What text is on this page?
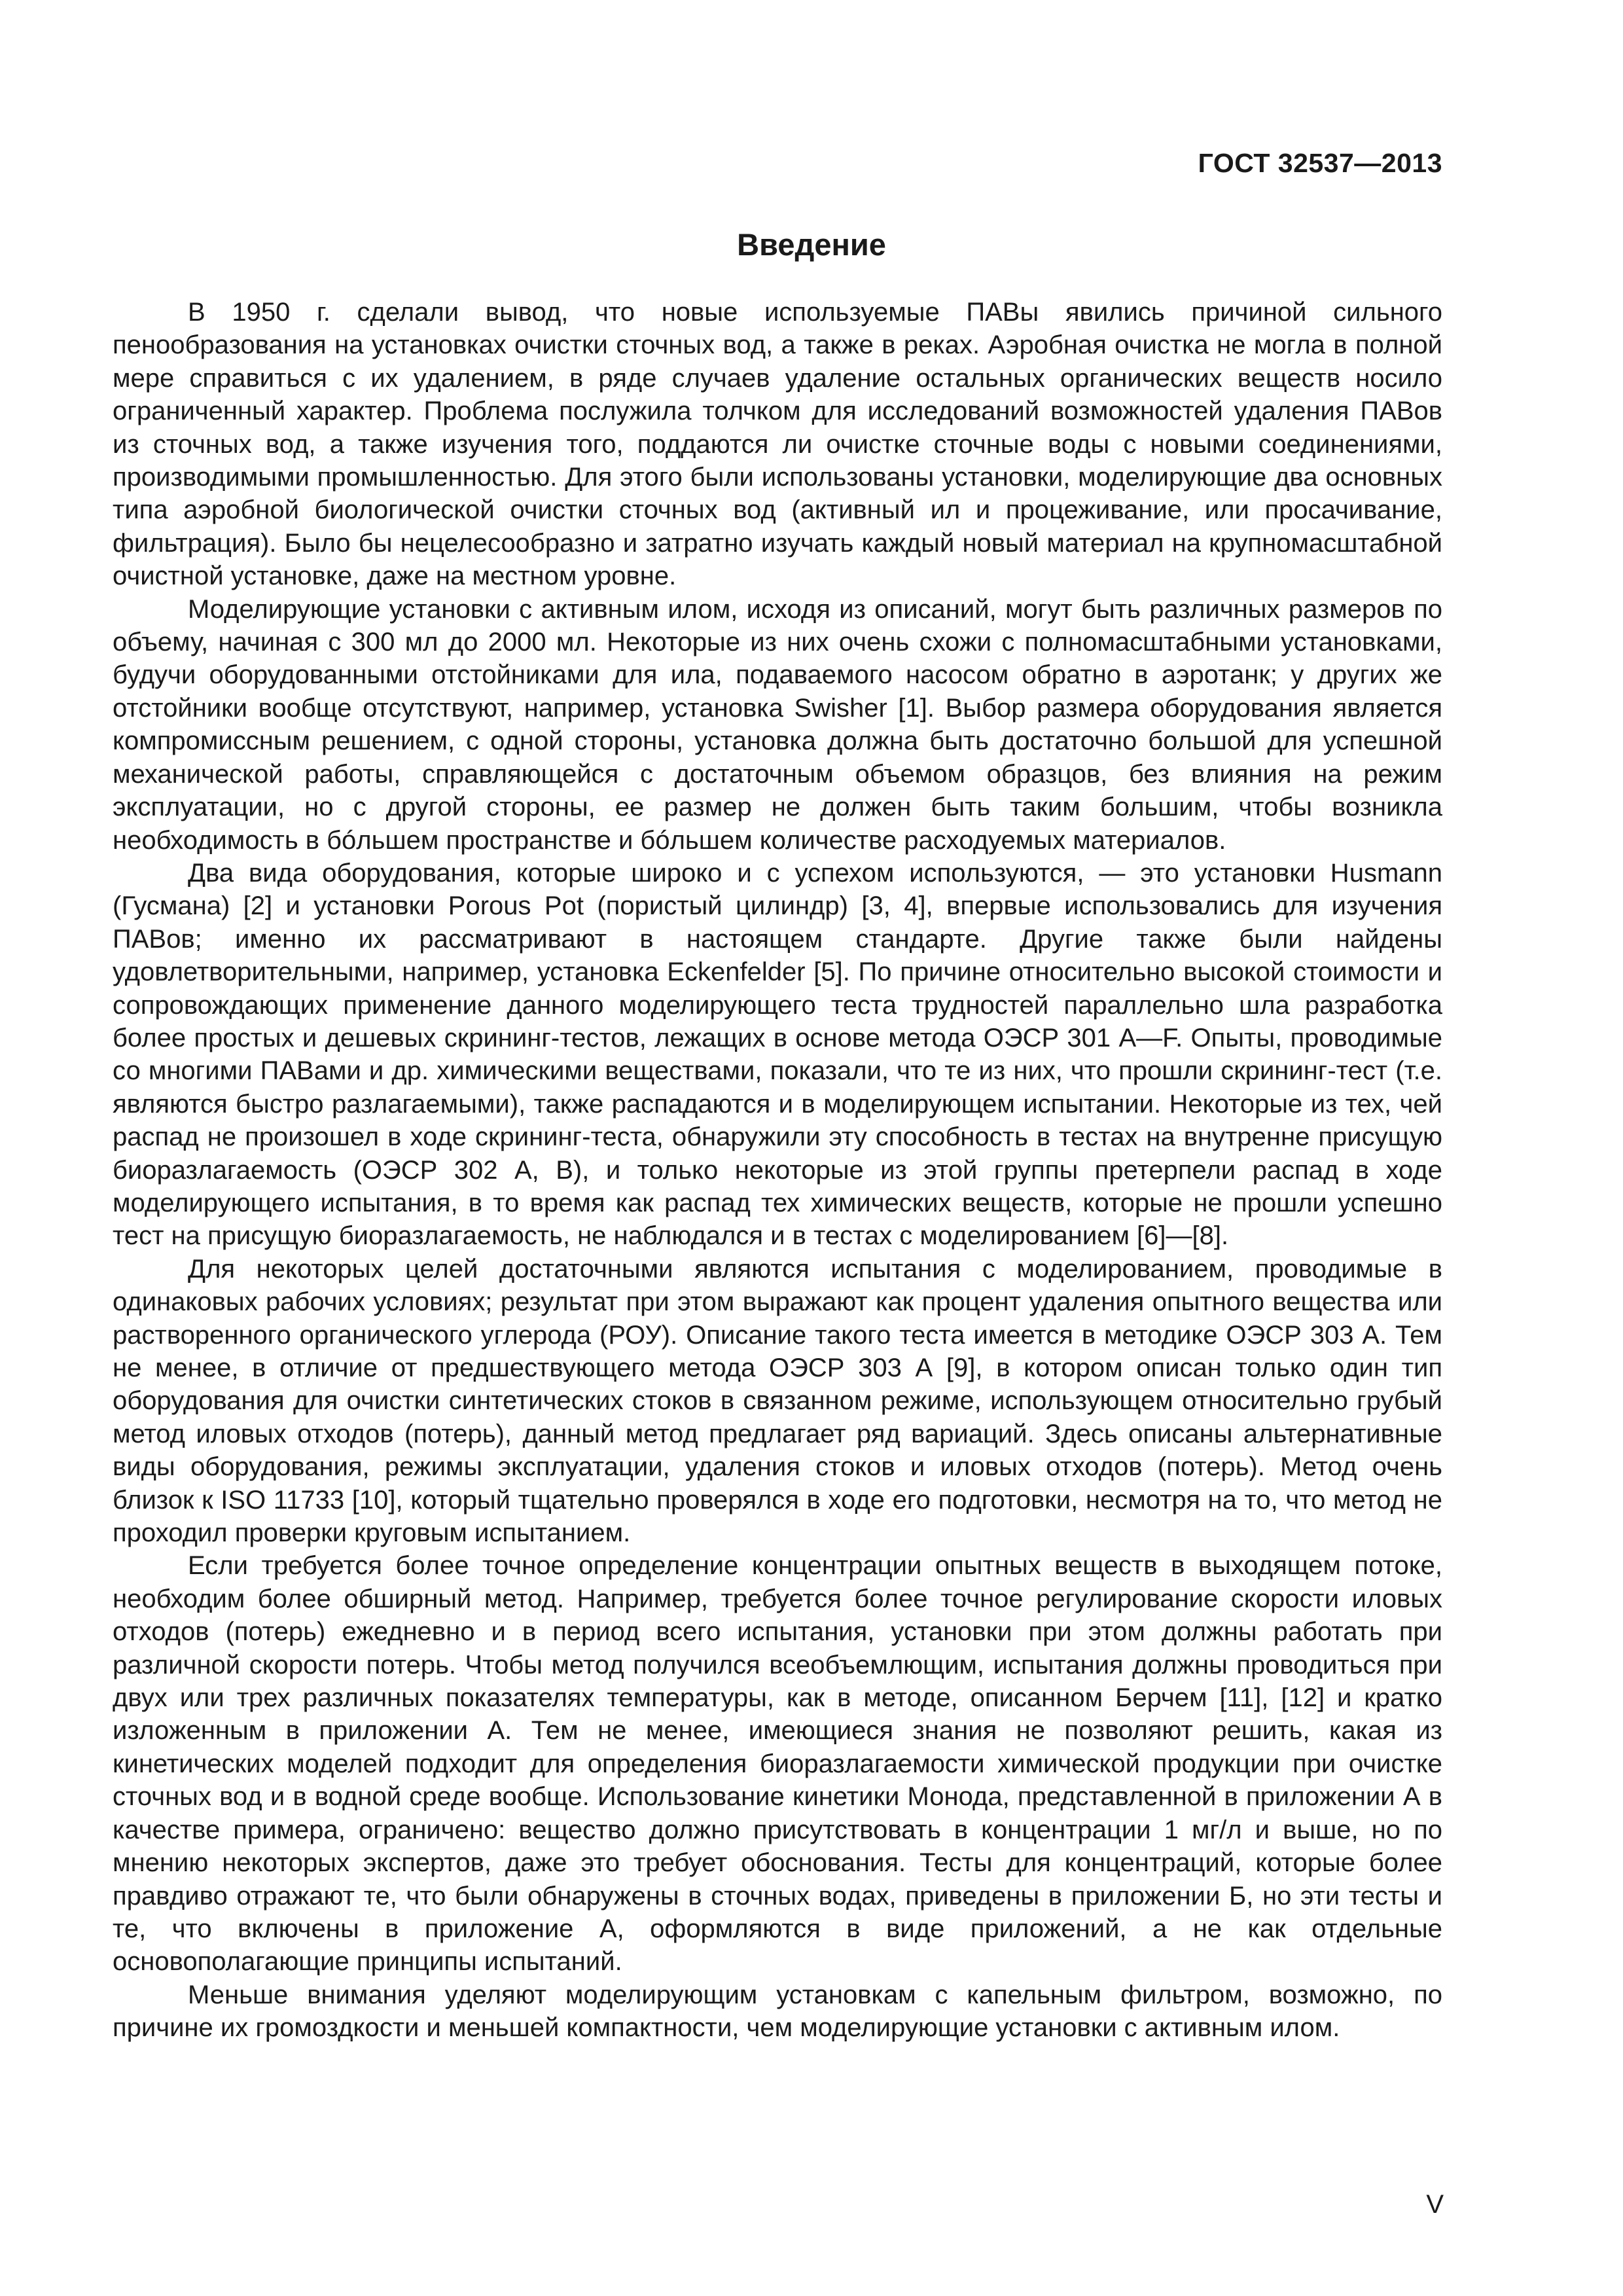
ГОСТ 32537—2013
Введение

В 1950 г. сделали вывод, что новые используемые ПАВы явились причиной сильного пенообразования на установках очистки сточных вод, а также в реках. Аэробная очистка не могла в полной мере справиться с их удалением, в ряде случаев удаление остальных органических веществ носило ограниченный характер. Проблема послужила толчком для исследований возможностей удаления ПАВов из сточных вод, а также изучения того, поддаются ли очистке сточные воды с новыми соединениями, производимыми промышленностью. Для этого были использованы установки, моделирующие два основных типа аэробной биологической очистки сточных вод (активный ил и процеживание, или просачивание, фильтрация). Было бы нецелесообразно и затратно изучать каждый новый материал на крупномасштабной очистной установке, даже на местном уровне.

Моделирующие установки с активным илом, исходя из описаний, могут быть различных размеров по объему, начиная с 300 мл до 2000 мл. Некоторые из них очень схожи с полномасштабными установками, будучи оборудованными отстойниками для ила, подаваемого насосом обратно в аэротанк; у других же отстойники вообще отсутствуют, например, установка Swisher [1]. Выбор размера оборудования является компромиссным решением, с одной стороны, установка должна быть достаточно большой для успешной механической работы, справляющейся с достаточным объемом образцов, без влияния на режим эксплуатации, но с другой стороны, ее размер не должен быть таким большим, чтобы возникла необходимость в бóльшем пространстве и бóльшем количестве расходуемых материалов.

Два вида оборудования, которые широко и с успехом используются, — это установки Husmann (Гусмана) [2] и установки Porous Pot (пористый цилиндр) [3, 4], впервые использовались для изучения ПАВов; именно их рассматривают в настоящем стандарте. Другие также были найдены удовлетворительными, например, установка Eckenfelder [5]. По причине относительно высокой стоимости и сопровождающих применение данного моделирующего теста трудностей параллельно шла разработка более простых и дешевых скрининг-тестов, лежащих в основе метода ОЭСР 301 А—F. Опыты, проводимые со многими ПАВами и др. химическими веществами, показали, что те из них, что прошли скрининг-тест (т.е. являются быстро разлагаемыми), также распадаются и в моделирующем испытании. Некоторые из тех, чей распад не произошел в ходе скрининг-теста, обнаружили эту способность в тестах на внутренне присущую биоразлагаемость (ОЭСР 302 А, В), и только некоторые из этой группы претерпели распад в ходе моделирующего испытания, в то время как распад тех химических веществ, которые не прошли успешно тест на присущую биоразлагаемость, не наблюдался и в тестах с моделированием [6]—[8].

Для некоторых целей достаточными являются испытания с моделированием, проводимые в одинаковых рабочих условиях; результат при этом выражают как процент удаления опытного вещества или растворенного органического углерода (РОУ). Описание такого теста имеется в методике ОЭСР 303 А. Тем не менее, в отличие от предшествующего метода ОЭСР 303 А [9], в котором описан только один тип оборудования для очистки синтетических стоков в связанном режиме, использующем относительно грубый метод иловых отходов (потерь), данный метод предлагает ряд вариаций. Здесь описаны альтернативные виды оборудования, режимы эксплуатации, удаления стоков и иловых отходов (потерь). Метод очень близок к ISO 11733 [10], который тщательно проверялся в ходе его подготовки, несмотря на то, что метод не проходил проверки круговым испытанием.

Если требуется более точное определение концентрации опытных веществ в выходящем потоке, необходим более обширный метод. Например, требуется более точное регулирование скорости иловых отходов (потерь) ежедневно и в период всего испытания, установки при этом должны работать при различной скорости потерь. Чтобы метод получился всеобъемлющим, испытания должны проводиться при двух или трех различных показателях температуры, как в методе, описанном Берчем [11], [12] и кратко изложенным в приложении А. Тем не менее, имеющиеся знания не позволяют решить, какая из кинетических моделей подходит для определения биоразлагаемости химической продукции при очистке сточных вод и в водной среде вообще. Использование кинетики Монода, представленной в приложении А в качестве примера, ограничено: вещество должно присутствовать в концентрации 1 мг/л и выше, но по мнению некоторых экспертов, даже это требует обоснования. Тесты для концентраций, которые более правдиво отражают те, что были обнаружены в сточных водах, приведены в приложении Б, но эти тесты и те, что включены в приложение А, оформляются в виде приложений, а не как отдельные основополагающие принципы испытаний.

Меньше внимания уделяют моделирующим установкам с капельным фильтром, возможно, по причине их громоздкости и меньшей компактности, чем моделирующие установки с активным илом.

V
